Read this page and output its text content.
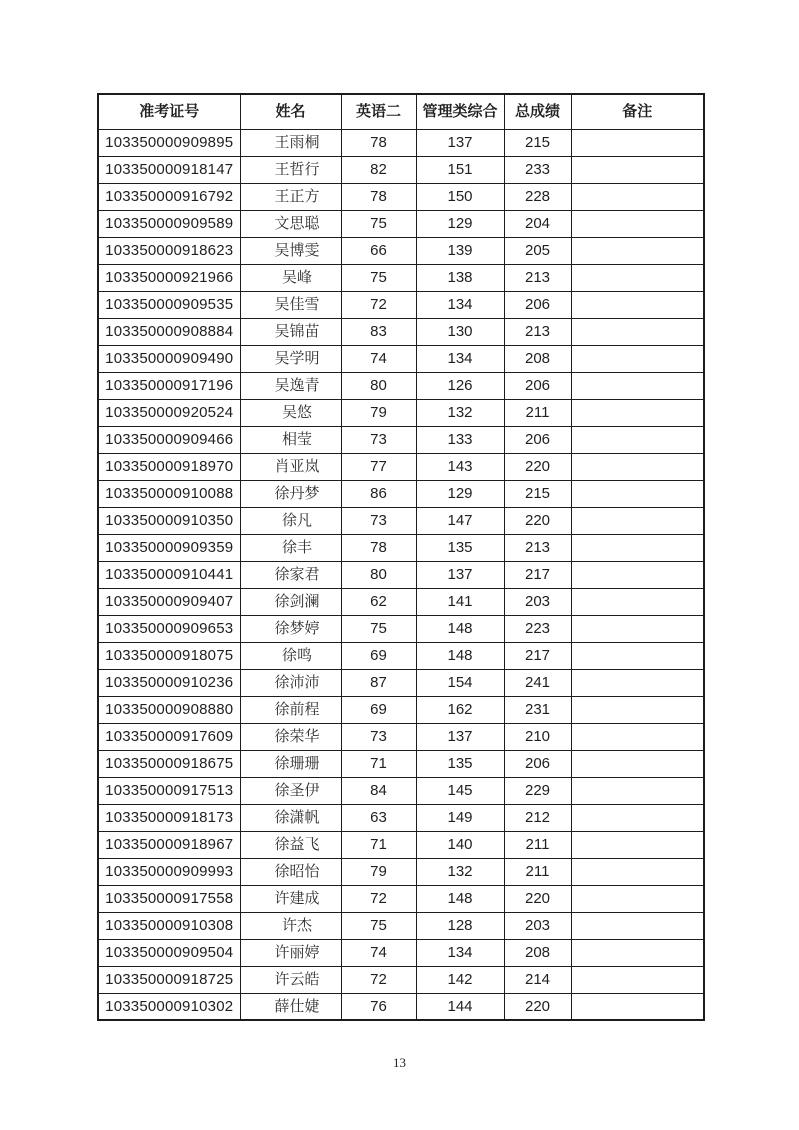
准考证号	姓名	英语二	管理类综合	总成绩	备注
103350000909895	王雨桐	78	137	215	
103350000918147	王哲行	82	151	233	
103350000916792	王正方	78	150	228	
103350000909589	文思聪	75	129	204	
103350000918623	吴博雯	66	139	205	
103350000921966	吴峰	75	138	213	
103350000909535	吴佳雪	72	134	206	
103350000908884	吴锦苗	83	130	213	
103350000909490	吴学明	74	134	208	
103350000917196	吴逸青	80	126	206	
103350000920524	吴悠	79	132	211	
103350000909466	相莹	73	133	206	
103350000918970	肖亚岚	77	143	220	
103350000910088	徐丹梦	86	129	215	
103350000910350	徐凡	73	147	220	
103350000909359	徐丰	78	135	213	
103350000910441	徐家君	80	137	217	
103350000909407	徐剑澜	62	141	203	
103350000909653	徐梦婷	75	148	223	
103350000918075	徐鸣	69	148	217	
103350000910236	徐沛沛	87	154	241	
103350000908880	徐前程	69	162	231	
103350000917609	徐荣华	73	137	210	
103350000918675	徐珊珊	71	135	206	
103350000917513	徐圣伊	84	145	229	
103350000918173	徐潇帆	63	149	212	
103350000918967	徐益飞	71	140	211	
103350000909993	徐昭怡	79	132	211	
103350000917558	许建成	72	148	220	
103350000910308	许杰	75	128	203	
103350000909504	许丽婷	74	134	208	
103350000918725	许云皓	72	142	214	
103350000910302	薛仕婕	76	144	220	
13
